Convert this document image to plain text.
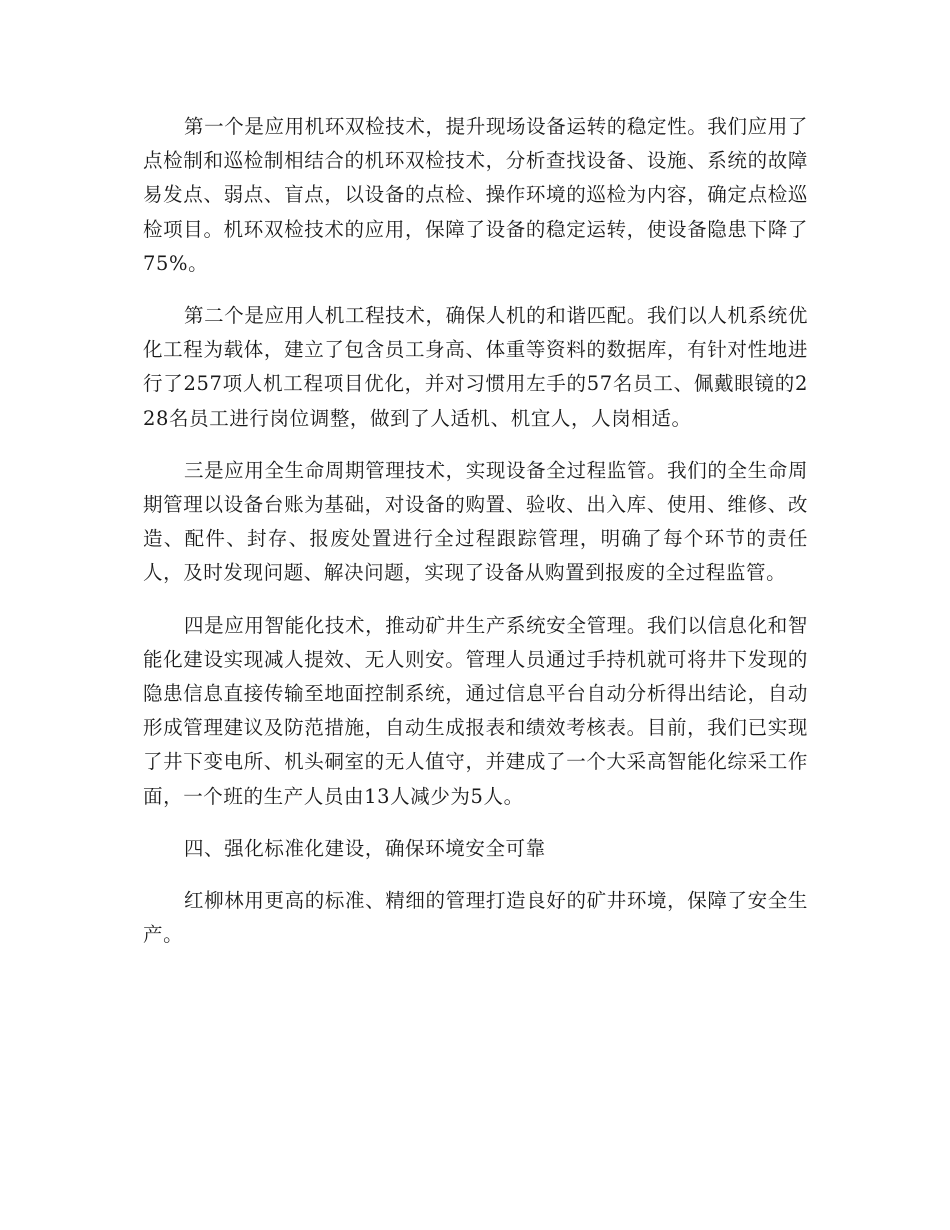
第一个是应用机环双检技术，提升现场设备运转的稳定性。我们应用了点检制和巡检制相结合的机环双检技术，分析查找设备、设施、系统的故障易发点、弱点、盲点，以设备的点检、操作环境的巡检为内容，确定点检巡检项目。机环双检技术的应用，保障了设备的稳定运转，使设备隐患下降了75%。

第二个是应用人机工程技术，确保人机的和谐匹配。我们以人机系统优化工程为载体，建立了包含员工身高、体重等资料的数据库，有针对性地进行了257项人机工程项目优化，并对习惯用左手的57名员工、佩戴眼镜的228名员工进行岗位调整，做到了人适机、机宜人，人岗相适。

三是应用全生命周期管理技术，实现设备全过程监管。我们的全生命周期管理以设备台账为基础，对设备的购置、验收、出入库、使用、维修、改造、配件、封存、报废处置进行全过程跟踪管理，明确了每个环节的责任人，及时发现问题、解决问题，实现了设备从购置到报废的全过程监管。

四是应用智能化技术，推动矿井生产系统安全管理。我们以信息化和智能化建设实现减人提效、无人则安。管理人员通过手持机就可将井下发现的隐患信息直接传输至地面控制系统，通过信息平台自动分析得出结论，自动形成管理建议及防范措施，自动生成报表和绩效考核表。目前，我们已实现了井下变电所、机头硐室的无人值守，并建成了一个大采高智能化综采工作面，一个班的生产人员由13人减少为5人。

四、强化标准化建设，确保环境安全可靠

红柳林用更高的标准、精细的管理打造良好的矿井环境，保障了安全生产。
